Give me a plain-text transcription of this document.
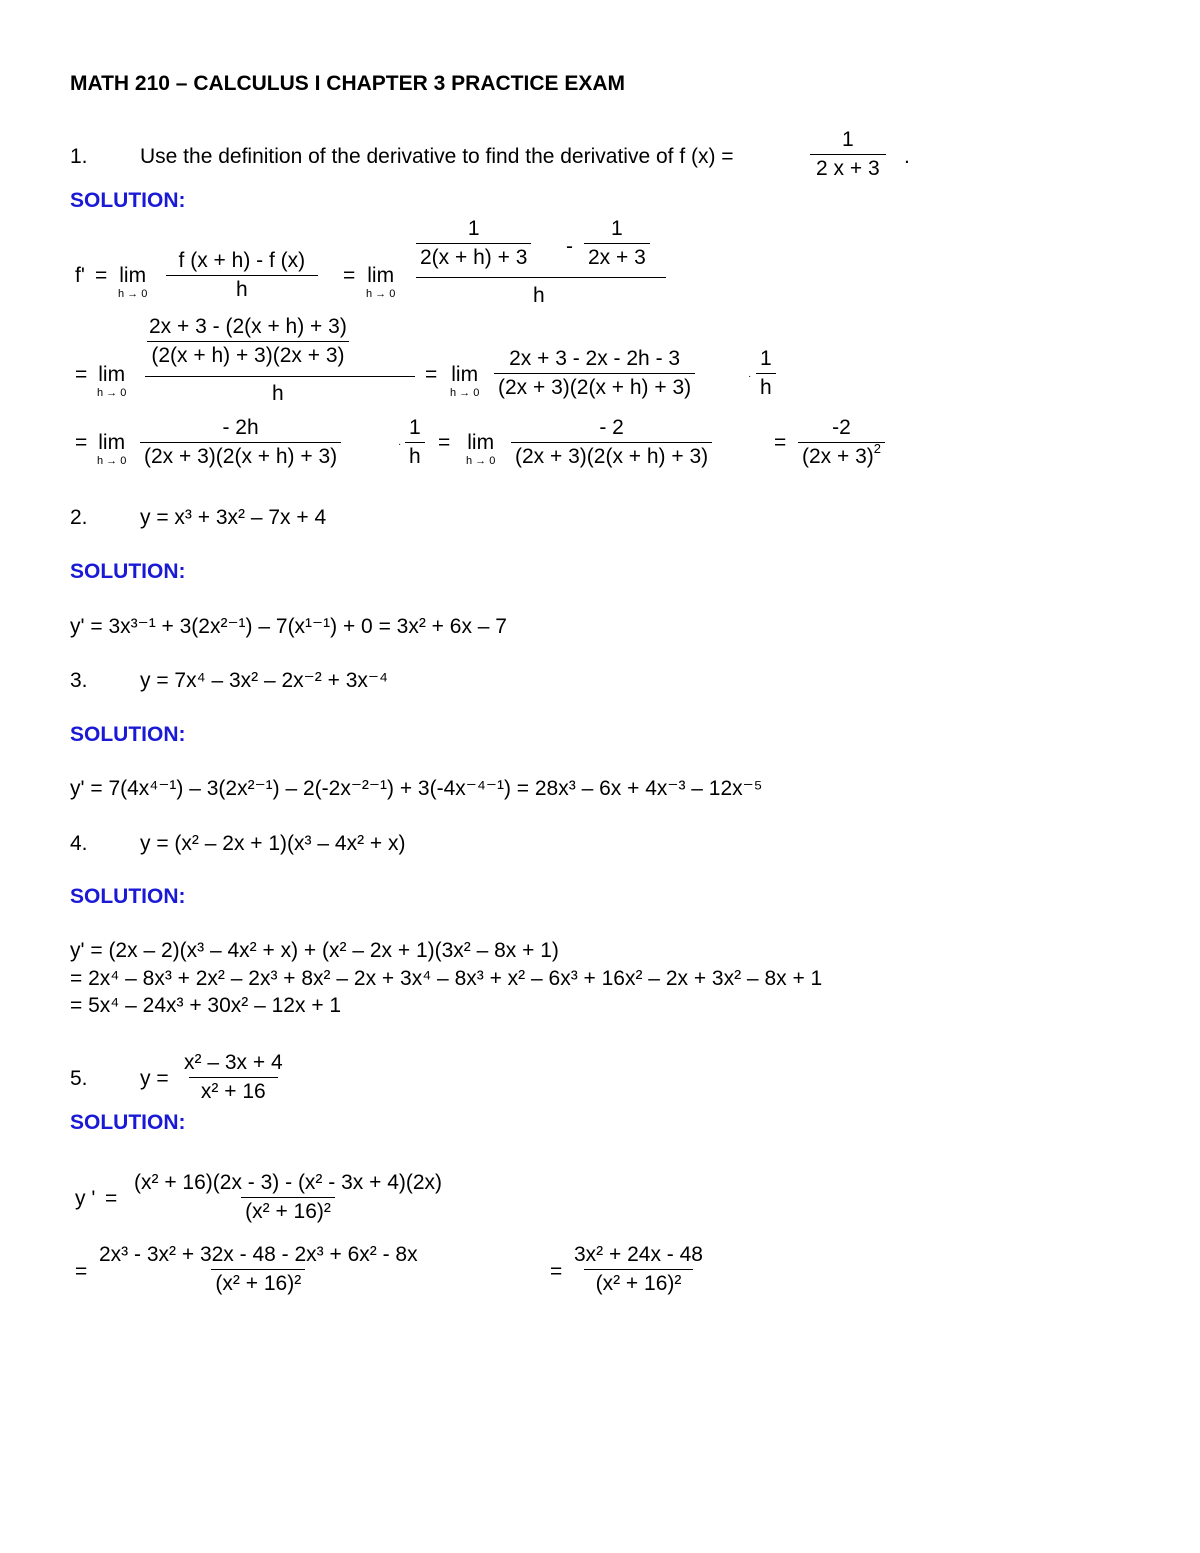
MATH 210 – CALCULUS I CHAPTER 3 PRACTICE EXAM
1. Use the definition of the derivative to find the derivative of f (x) =	$\frac{1}{2 x + 3}$ .
SOLUTION:
f' = lim
$h \to 0 \frac{f (x + h) - f (x)}{h} = \lim$
h → 0	h
$\frac{1}{2(x + h) + 3} - \frac{1}{2x + 3}$
= lim
h → 0	h
$\frac{2x + 3 - (2(x + h) + 3)}{(2(x + h) + 3)(2x + 3)}$
= lim
$h \to 0 \frac{2x + 3 - 2x - 2h - 3}{(2x + 3)(2(x + h) + 3)}$	· $\frac{1}{h}$
= lim
$h \to 0 \frac{- 2h}{(2x + 3)(2(x + h) + 3)}$	· $\frac{1}{h} = \lim$
$h \to 0 \frac{- 2}{(2x + 3)(2(x + h) + 3)}$	= $\frac{-2}{(2x + 3)^2}$
2. y = x³ + 3x² – 7x + 4
SOLUTION:
y' = 3x³⁻¹ + 3(2x²⁻¹) – 7(x¹⁻¹) + 0 = 3x² + 6x – 7
3. y = 7x⁴ – 3x² – 2x⁻² + 3x⁻⁴
SOLUTION:
y' = 7(4x⁴⁻¹) – 3(2x²⁻¹) – 2(-2x⁻²⁻¹) + 3(-4x⁻⁴⁻¹) = 28x³ – 6x + 4x⁻³ – 12x⁻⁵
4. y = (x² – 2x + 1)(x³ – 4x² + x)
SOLUTION:
y' = (2x – 2)(x³ – 4x² + x) + (x² – 2x + 1)(3x² – 8x + 1)
= 2x⁴ – 8x³ + 2x² – 2x³ + 8x² – 2x + 3x⁴ – 8x³ + x² – 6x³ + 16x² – 2x + 3x² – 8x + 1
= 5x⁴ – 24x³ + 30x² – 12x + 1
5. $y = \frac{\text{x² – 3x + 4}}{\text{x² + 16}}$
SOLUTION:
y ' = $\frac{\text{(x² + 16)(2x - 3) - (x² - 3x + 4)(2x)}}{\text{(x² + 16)²}}$
= $\frac{\text{2x³ - 3x² + 32x - 48 - 2x³ + 6x² - 8x}}{\text{(x² + 16)²}}$	= $\frac{\text{3x² + 24x - 48}}{\text{(x² + 16)²}}$
